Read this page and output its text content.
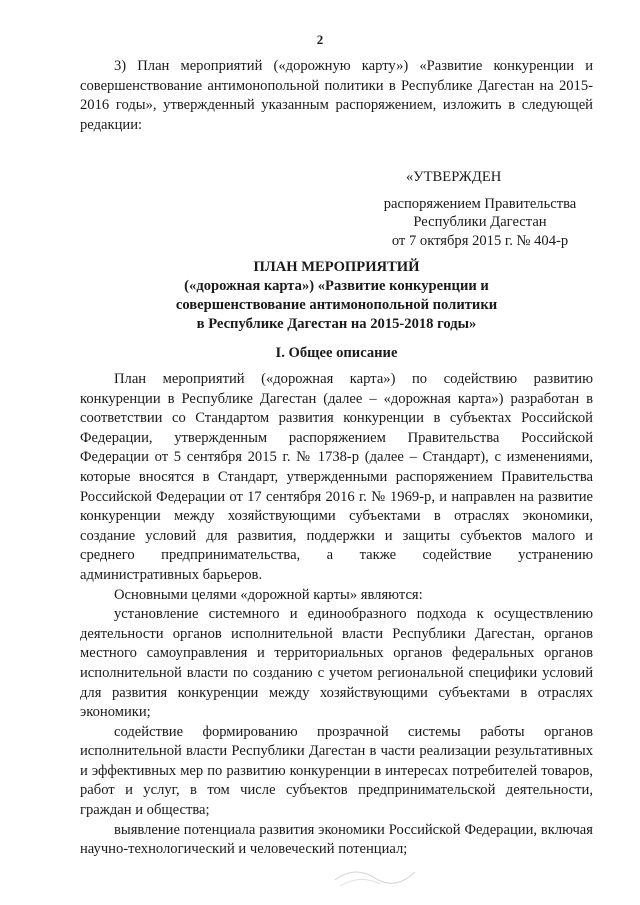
2
3) План мероприятий («дорожную карту») «Развитие конкуренции и совершенствование антимонопольной политики в Республике Дагестан на 2015-2016 годы», утвержденный указанным распоряжением, изложить в следующей редакции:
«УТВЕРЖДЕН
распоряжением Правительства
Республики Дагестан
от 7 октября 2015 г. № 404-р
ПЛАН МЕРОПРИЯТИЙ
(«дорожная карта») «Развитие конкуренции и
совершенствование антимонопольной политики
в Республике Дагестан на 2015-2018 годы»
I. Общее описание

План мероприятий («дорожная карта») по содействию развитию конкуренции в Республике Дагестан (далее – «дорожная карта») разработан в соответствии со Стандартом развития конкуренции в субъектах Российской Федерации, утвержденным распоряжением Правительства Российской Федерации от 5 сентября 2015 г. № 1738-р (далее – Стандарт), с изменениями, которые вносятся в Стандарт, утвержденными распоряжением Правительства Российской Федерации от 17 сентября 2016 г. № 1969-р, и направлен на развитие конкуренции между хозяйствующими субъектами в отраслях экономики, создание условий для развития, поддержки и защиты субъектов малого и среднего предпринимательства, а также содействие устранению административных барьеров.

Основными целями «дорожной карты» являются:

установление системного и единообразного подхода к осуществлению деятельности органов исполнительной власти Республики Дагестан, органов местного самоуправления и территориальных органов федеральных органов исполнительной власти по созданию с учетом региональной специфики условий для развития конкуренции между хозяйствующими субъектами в отраслях экономики;

содействие формированию прозрачной системы работы органов исполнительной власти Республики Дагестан в части реализации результативных и эффективных мер по развитию конкуренции в интересах потребителей товаров, работ и услуг, в том числе субъектов предпринимательской деятельности, граждан и общества;

выявление потенциала развития экономики Российской Федерации, включая научно-технологический и человеческий потенциал;
